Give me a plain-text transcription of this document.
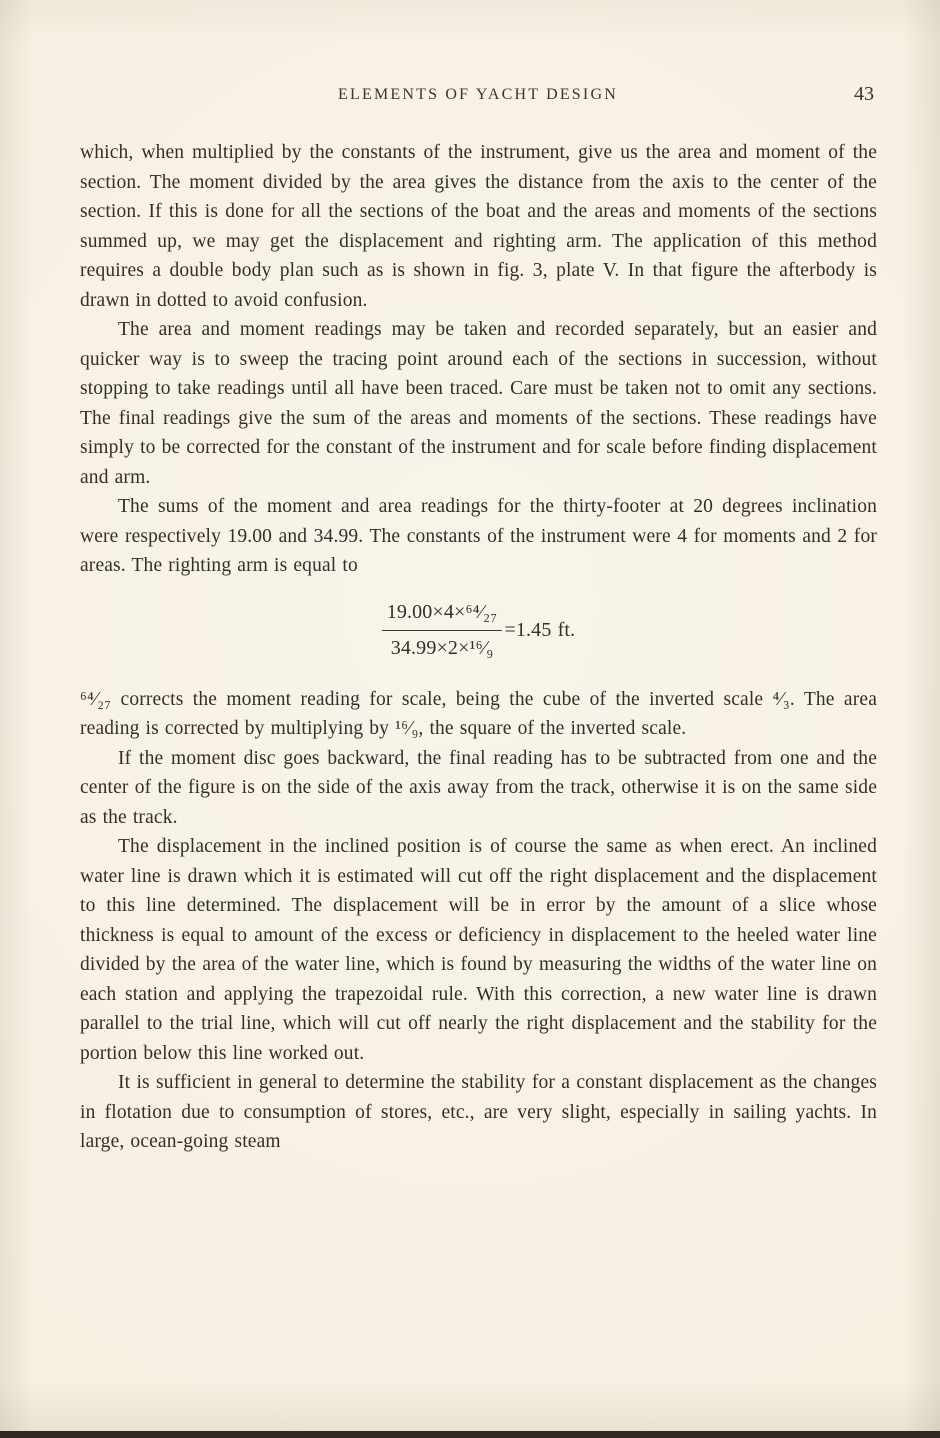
ELEMENTS OF YACHT DESIGN	43

which, when multiplied by the constants of the instrument, give us the area and moment of the section. The moment divided by the area gives the distance from the axis to the center of the section. If this is done for all the sections of the boat and the areas and moments of the sections summed up, we may get the displacement and righting arm. The application of this method requires a double body plan such as is shown in fig. 3, plate V. In that figure the afterbody is drawn in dotted to avoid confusion.

The area and moment readings may be taken and recorded separately, but an easier and quicker way is to sweep the tracing point around each of the sections in succession, without stopping to take readings until all have been traced. Care must be taken not to omit any sections. The final readings give the sum of the areas and moments of the sections. These readings have simply to be corrected for the constant of the instrument and for scale before finding displacement and arm.

The sums of the moment and area readings for the thirty-footer at 20 degrees inclination were respectively 19.00 and 34.99. The constants of the instrument were 4 for moments and 2 for areas. The righting arm is equal to

$\frac{\text{19.00×4×⁶⁴⁄₂₇}}{\text{34.99×2×¹⁶⁄₉}} =1.45$ ft.

⁶⁴⁄₂₇ corrects the moment reading for scale, being the cube of the inverted scale ⁴⁄₃. The area reading is corrected by multiplying by ¹⁶⁄₉, the square of the inverted scale.

If the moment disc goes backward, the final reading has to be subtracted from one and the center of the figure is on the side of the axis away from the track, otherwise it is on the same side as the track.

The displacement in the inclined position is of course the same as when erect. An inclined water line is drawn which it is estimated will cut off the right displacement and the displacement to this line determined. The displacement will be in error by the amount of a slice whose thickness is equal to amount of the excess or deficiency in displacement to the heeled water line divided by the area of the water line, which is found by measuring the widths of the water line on each station and applying the trapezoidal rule. With this correction, a new water line is drawn parallel to the trial line, which will cut off nearly the right displacement and the stability for the portion below this line worked out.

It is sufficient in general to determine the stability for a constant displacement as the changes in flotation due to consumption of stores, etc., are very slight, especially in sailing yachts. In large, ocean-going steam
